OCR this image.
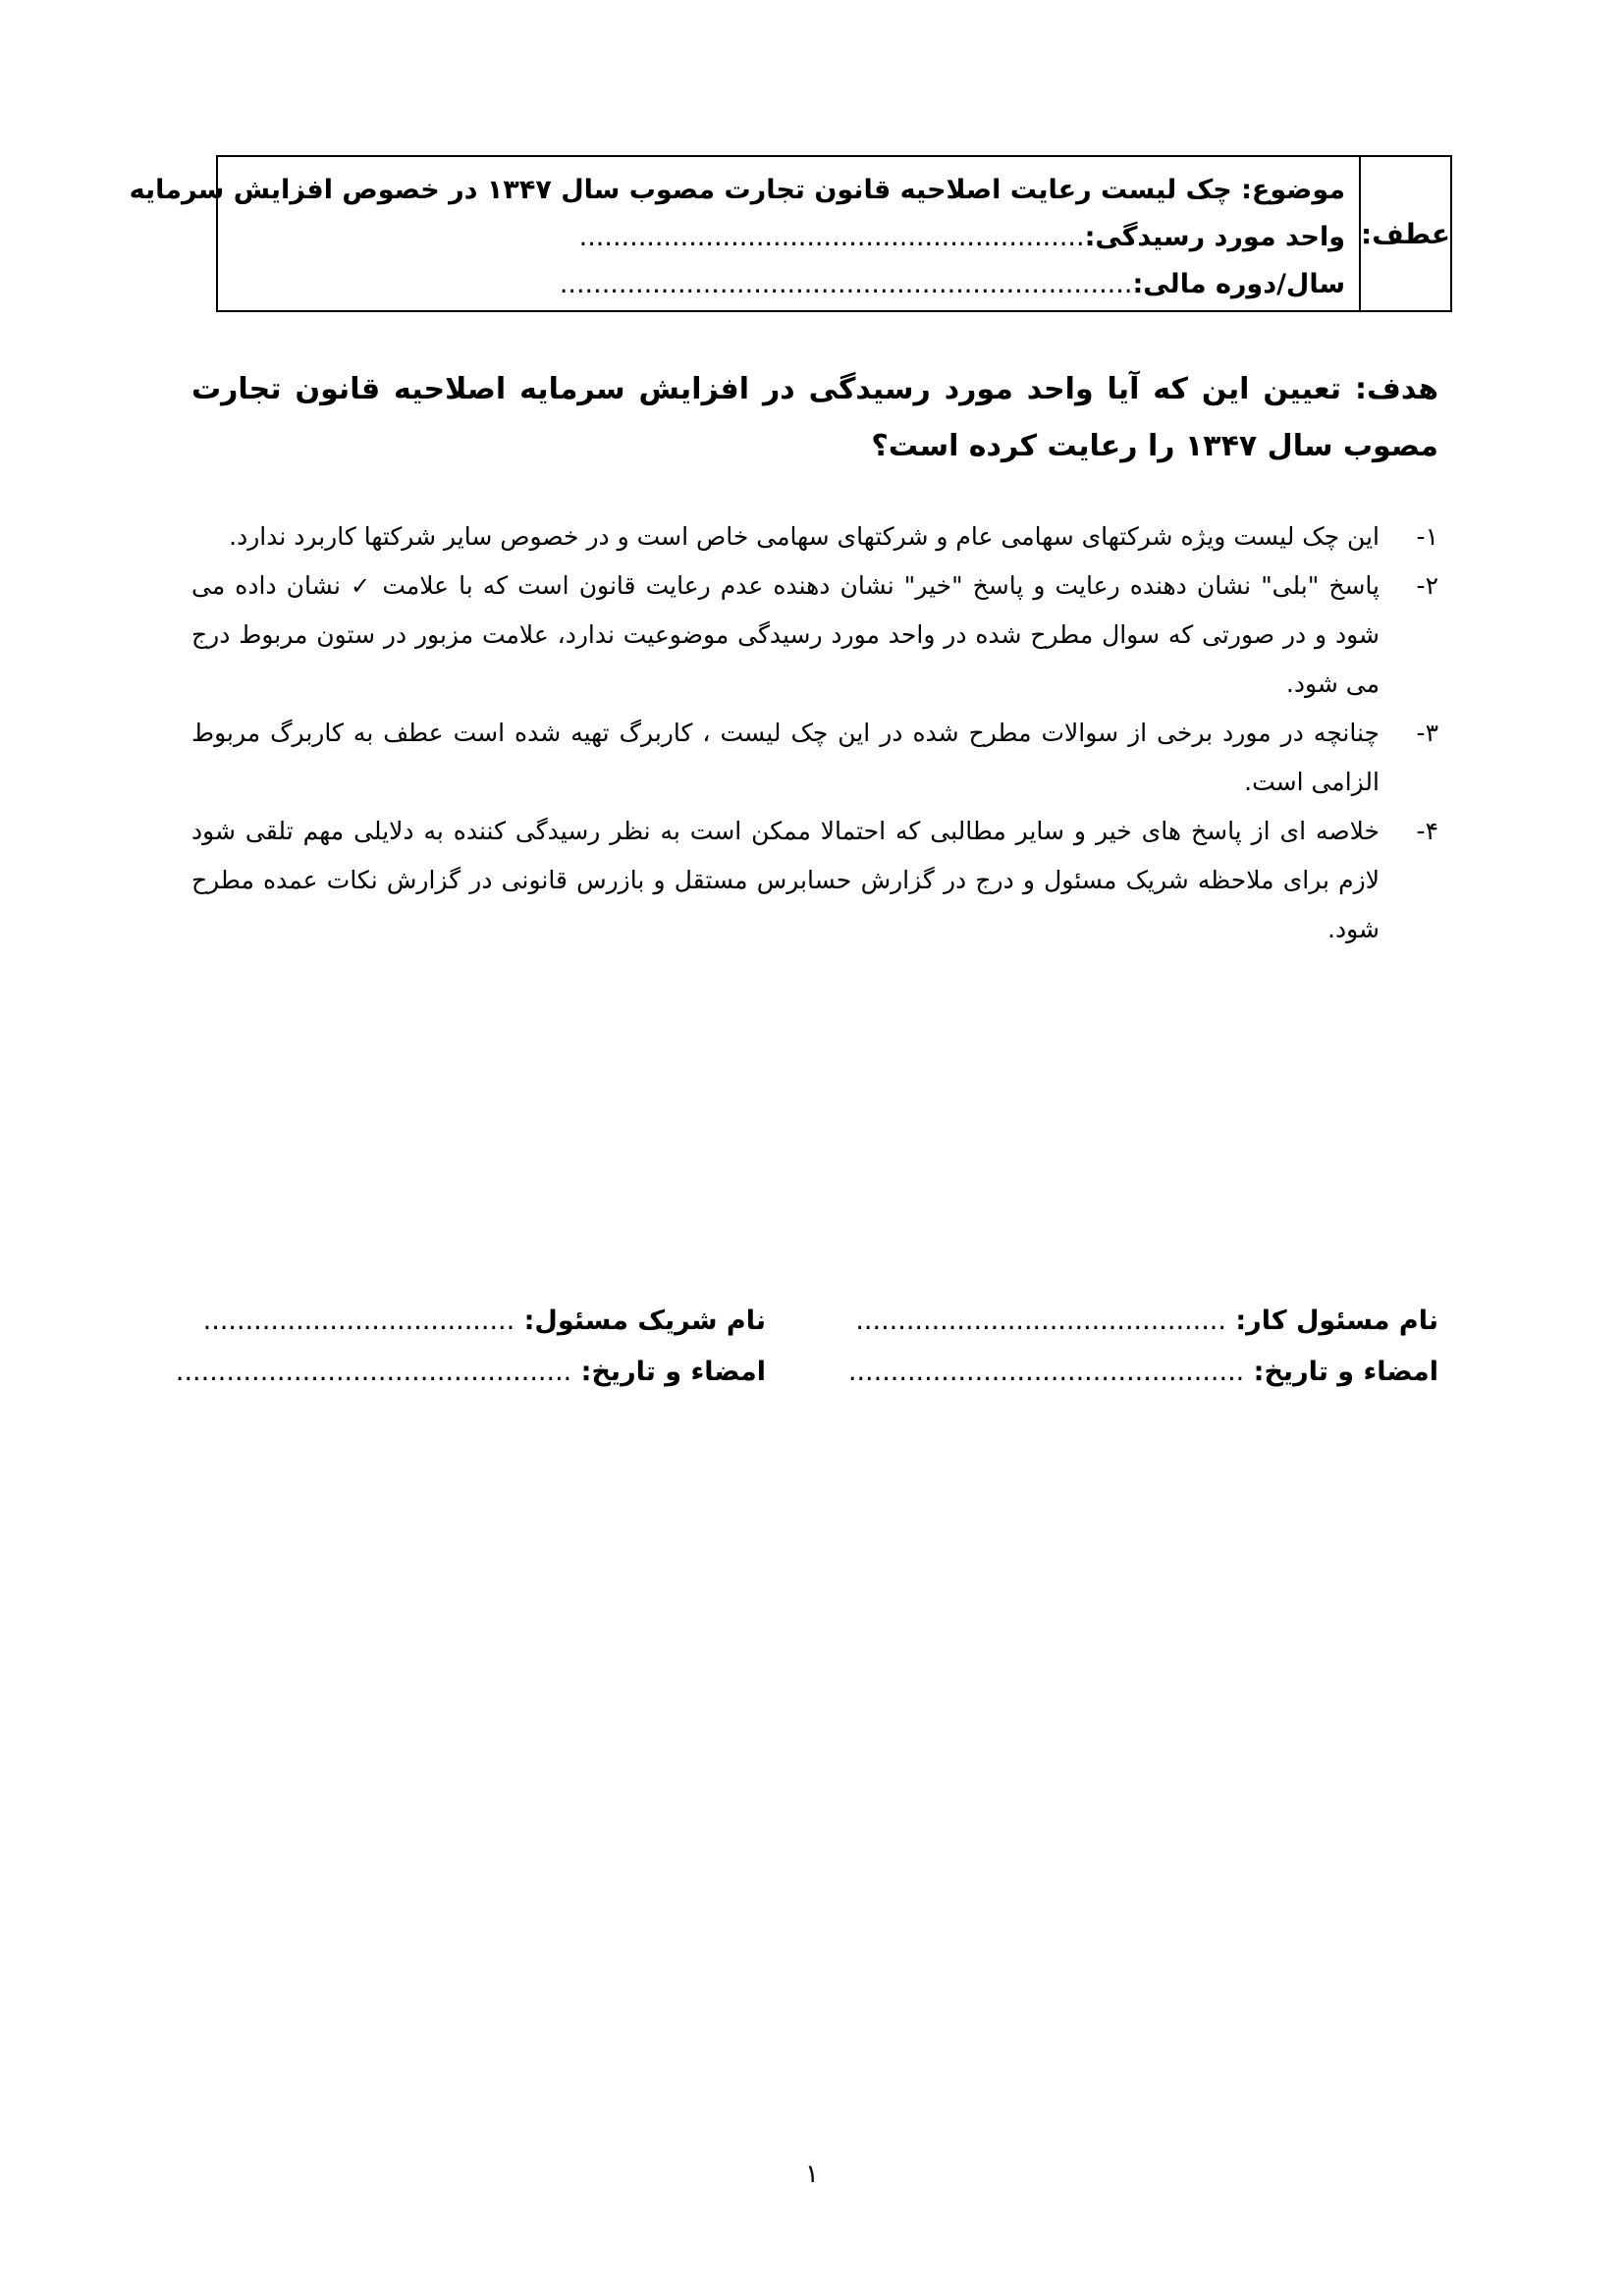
عطف:
موضوع: چک لیست رعایت اصلاحیه قانون تجارت مصوب سال ۱۳۴۷ در خصوص افزایش سرمایه
واحد مورد رسیدگی:............................................................
سال/دوره مالی:....................................................................
هدف: تعیین این که آیا واحد مورد رسیدگی در افزایش سرمایه اصلاحیه قانون تجارت مصوب سال ۱۳۴۷ را رعایت کرده است؟
۱-
این چک لیست ویژه شرکتهای سهامی عام و شرکتهای سهامی خاص است و در خصوص سایر شرکتها کاربرد ندارد.
۲-
پاسخ "بلی" نشان دهنده رعایت و پاسخ "خیر" نشان دهنده عدم رعایت قانون است که با علامت ✓ نشان داده می شود و در صورتی که سوال مطرح شده در واحد مورد رسیدگی موضوعیت ندارد، علامت مزبور در ستون مربوط درج می شود.
۳-
چنانچه در مورد برخی از سوالات مطرح شده در این چک لیست ، کاربرگ تهیه شده است عطف به کاربرگ مربوط الزامی است.
۴-
خلاصه ای از پاسخ های خیر و سایر مطالبی که احتمالا ممکن است به نظر رسیدگی کننده به دلایلی مهم تلقی شود لازم برای ملاحظه شریک مسئول و درج در گزارش حسابرس مستقل و بازرس قانونی در گزارش نکات عمده مطرح شود.
نام مسئول کار: ............................................
امضاء و تاریخ: ...............................................
نام شریک مسئول: .....................................
امضاء و تاریخ: ...............................................
۱
